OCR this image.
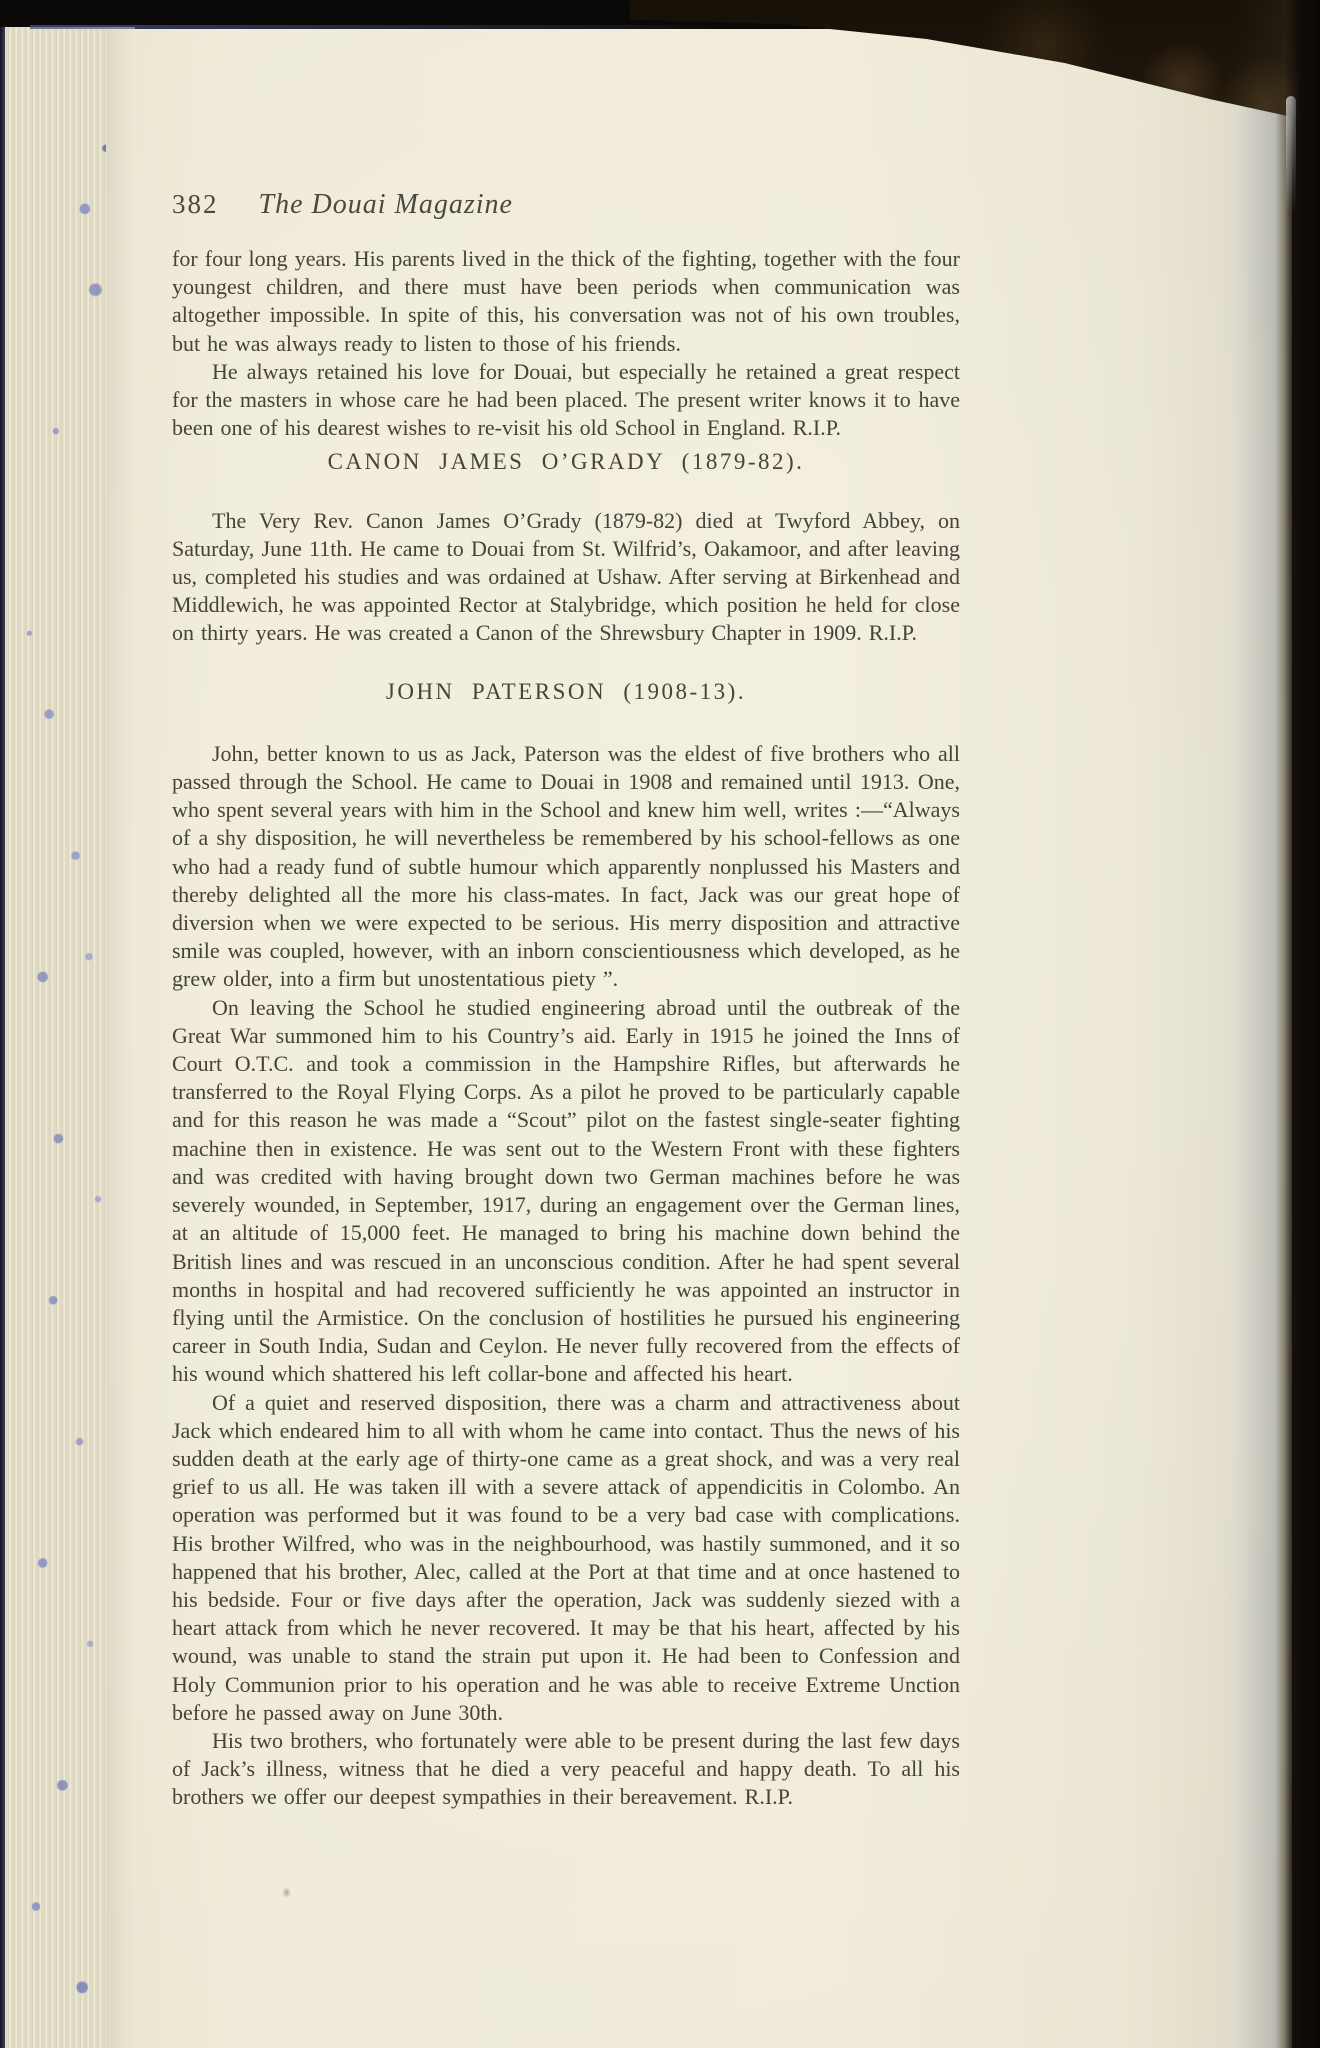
382 The Douai Magazine

for four long years. His parents lived in the thick of the fighting, together with the four youngest children, and there must have been periods when communication was altogether impossible. In spite of this, his conversation was not of his own troubles, but he was always ready to listen to those of his friends.

He always retained his love for Douai, but especially he retained a great respect for the masters in whose care he had been placed. The present writer knows it to have been one of his dearest wishes to re-visit his old School in England. R.I.P.

CANON JAMES O’GRADY (1879-82).

The Very Rev. Canon James O’Grady (1879-82) died at Twyford Abbey, on Saturday, June 11th. He came to Douai from St. Wilfrid’s, Oakamoor, and after leaving us, completed his studies and was ordained at Ushaw. After serving at Birkenhead and Middlewich, he was appointed Rector at Stalybridge, which position he held for close on thirty years. He was created a Canon of the Shrewsbury Chapter in 1909. R.I.P.

JOHN PATERSON (1908-13).

John, better known to us as Jack, Paterson was the eldest of five brothers who all passed through the School. He came to Douai in 1908 and remained until 1913. One, who spent several years with him in the School and knew him well, writes :—“Always of a shy disposition, he will nevertheless be remembered by his school-fellows as one who had a ready fund of subtle humour which apparently nonplussed his Masters and thereby delighted all the more his class-mates. In fact, Jack was our great hope of diversion when we were expected to be serious. His merry disposition and attractive smile was coupled, however, with an inborn conscientiousness which developed, as he grew older, into a firm but unostentatious piety ”.

On leaving the School he studied engineering abroad until the outbreak of the Great War summoned him to his Country’s aid. Early in 1915 he joined the Inns of Court O.T.C. and took a commission in the Hampshire Rifles, but afterwards he transferred to the Royal Flying Corps. As a pilot he proved to be particularly capable and for this reason he was made a “Scout” pilot on the fastest single-seater fighting machine then in existence. He was sent out to the Western Front with these fighters and was credited with having brought down two German machines before he was severely wounded, in September, 1917, during an engagement over the German lines, at an altitude of 15,000 feet. He managed to bring his machine down behind the British lines and was rescued in an unconscious condition. After he had spent several months in hospital and had recovered sufficiently he was appointed an instructor in flying until the Armistice. On the conclusion of hostilities he pursued his engineering career in South India, Sudan and Ceylon. He never fully recovered from the effects of his wound which shattered his left collar-bone and affected his heart.

Of a quiet and reserved disposition, there was a charm and attractiveness about Jack which endeared him to all with whom he came into contact. Thus the news of his sudden death at the early age of thirty-one came as a great shock, and was a very real grief to us all. He was taken ill with a severe attack of appendicitis in Colombo. An operation was performed but it was found to be a very bad case with complications. His brother Wilfred, who was in the neighbourhood, was hastily summoned, and it so happened that his brother, Alec, called at the Port at that time and at once hastened to his bedside. Four or five days after the operation, Jack was suddenly siezed with a heart attack from which he never recovered. It may be that his heart, affected by his wound, was unable to stand the strain put upon it. He had been to Confession and Holy Communion prior to his operation and he was able to receive Extreme Unction before he passed away on June 30th.

His two brothers, who fortunately were able to be present during the last few days of Jack’s illness, witness that he died a very peaceful and happy death. To all his brothers we offer our deepest sympathies in their bereavement. R.I.P.
